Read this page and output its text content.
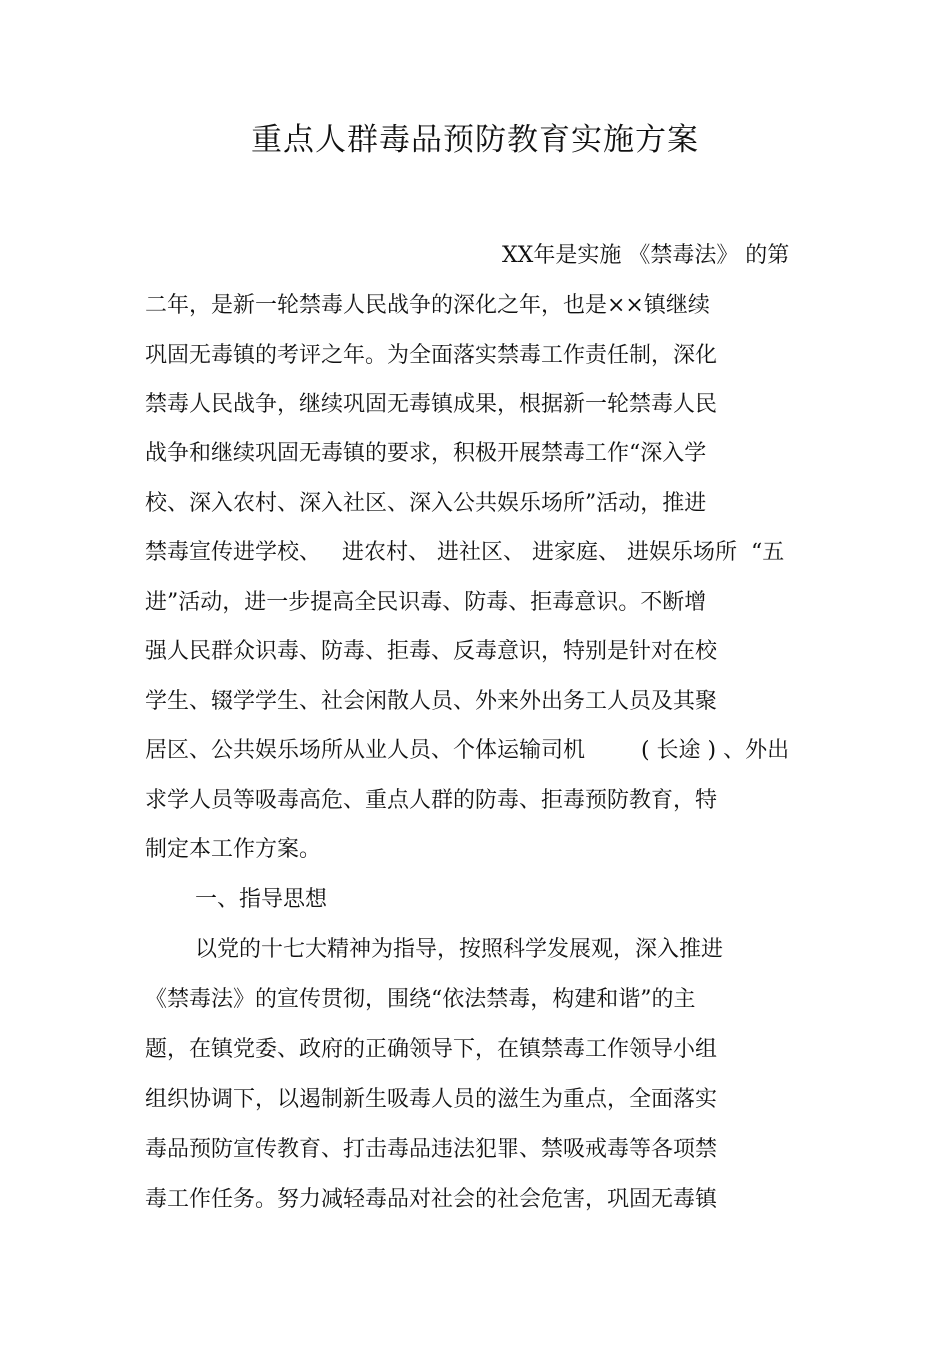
重点人群毒品预防教育实施方案
XX年是实施 《禁毒法》 的第
二年，是新一轮禁毒人民战争的深化之年，也是××镇继续
巩固无毒镇的考评之年。为全面落实禁毒工作责任制，深化
禁毒人民战争，继续巩固无毒镇成果，根据新一轮禁毒人民
战争和继续巩固无毒镇的要求，积极开展禁毒工作“深入学
校、深入农村、深入社区、深入公共娱乐场所”活动，推进
禁毒宣传进学校、   进农村、 进社区、 进家庭、 进娱乐场所  “五
进”活动，进一步提高全民识毒、防毒、拒毒意识。不断增
强人民群众识毒、防毒、拒毒、反毒意识，特别是针对在校
学生、辍学学生、社会闲散人员、外来外出务工人员及其聚
居区、公共娱乐场所从业人员、个体运输司机        ( 长途 ) 、外出
求学人员等吸毒高危、重点人群的防毒、拒毒预防教育，特
制定本工作方案。
一、指导思想
以党的十七大精神为指导，按照科学发展观，深入推进
《禁毒法》的宣传贯彻，围绕“依法禁毒，构建和谐”的主
题，在镇党委、政府的正确领导下，在镇禁毒工作领导小组
组织协调下，以遏制新生吸毒人员的滋生为重点，全面落实
毒品预防宣传教育、打击毒品违法犯罪、禁吸戒毒等各项禁
毒工作任务。努力减轻毒品对社会的社会危害，巩固无毒镇
